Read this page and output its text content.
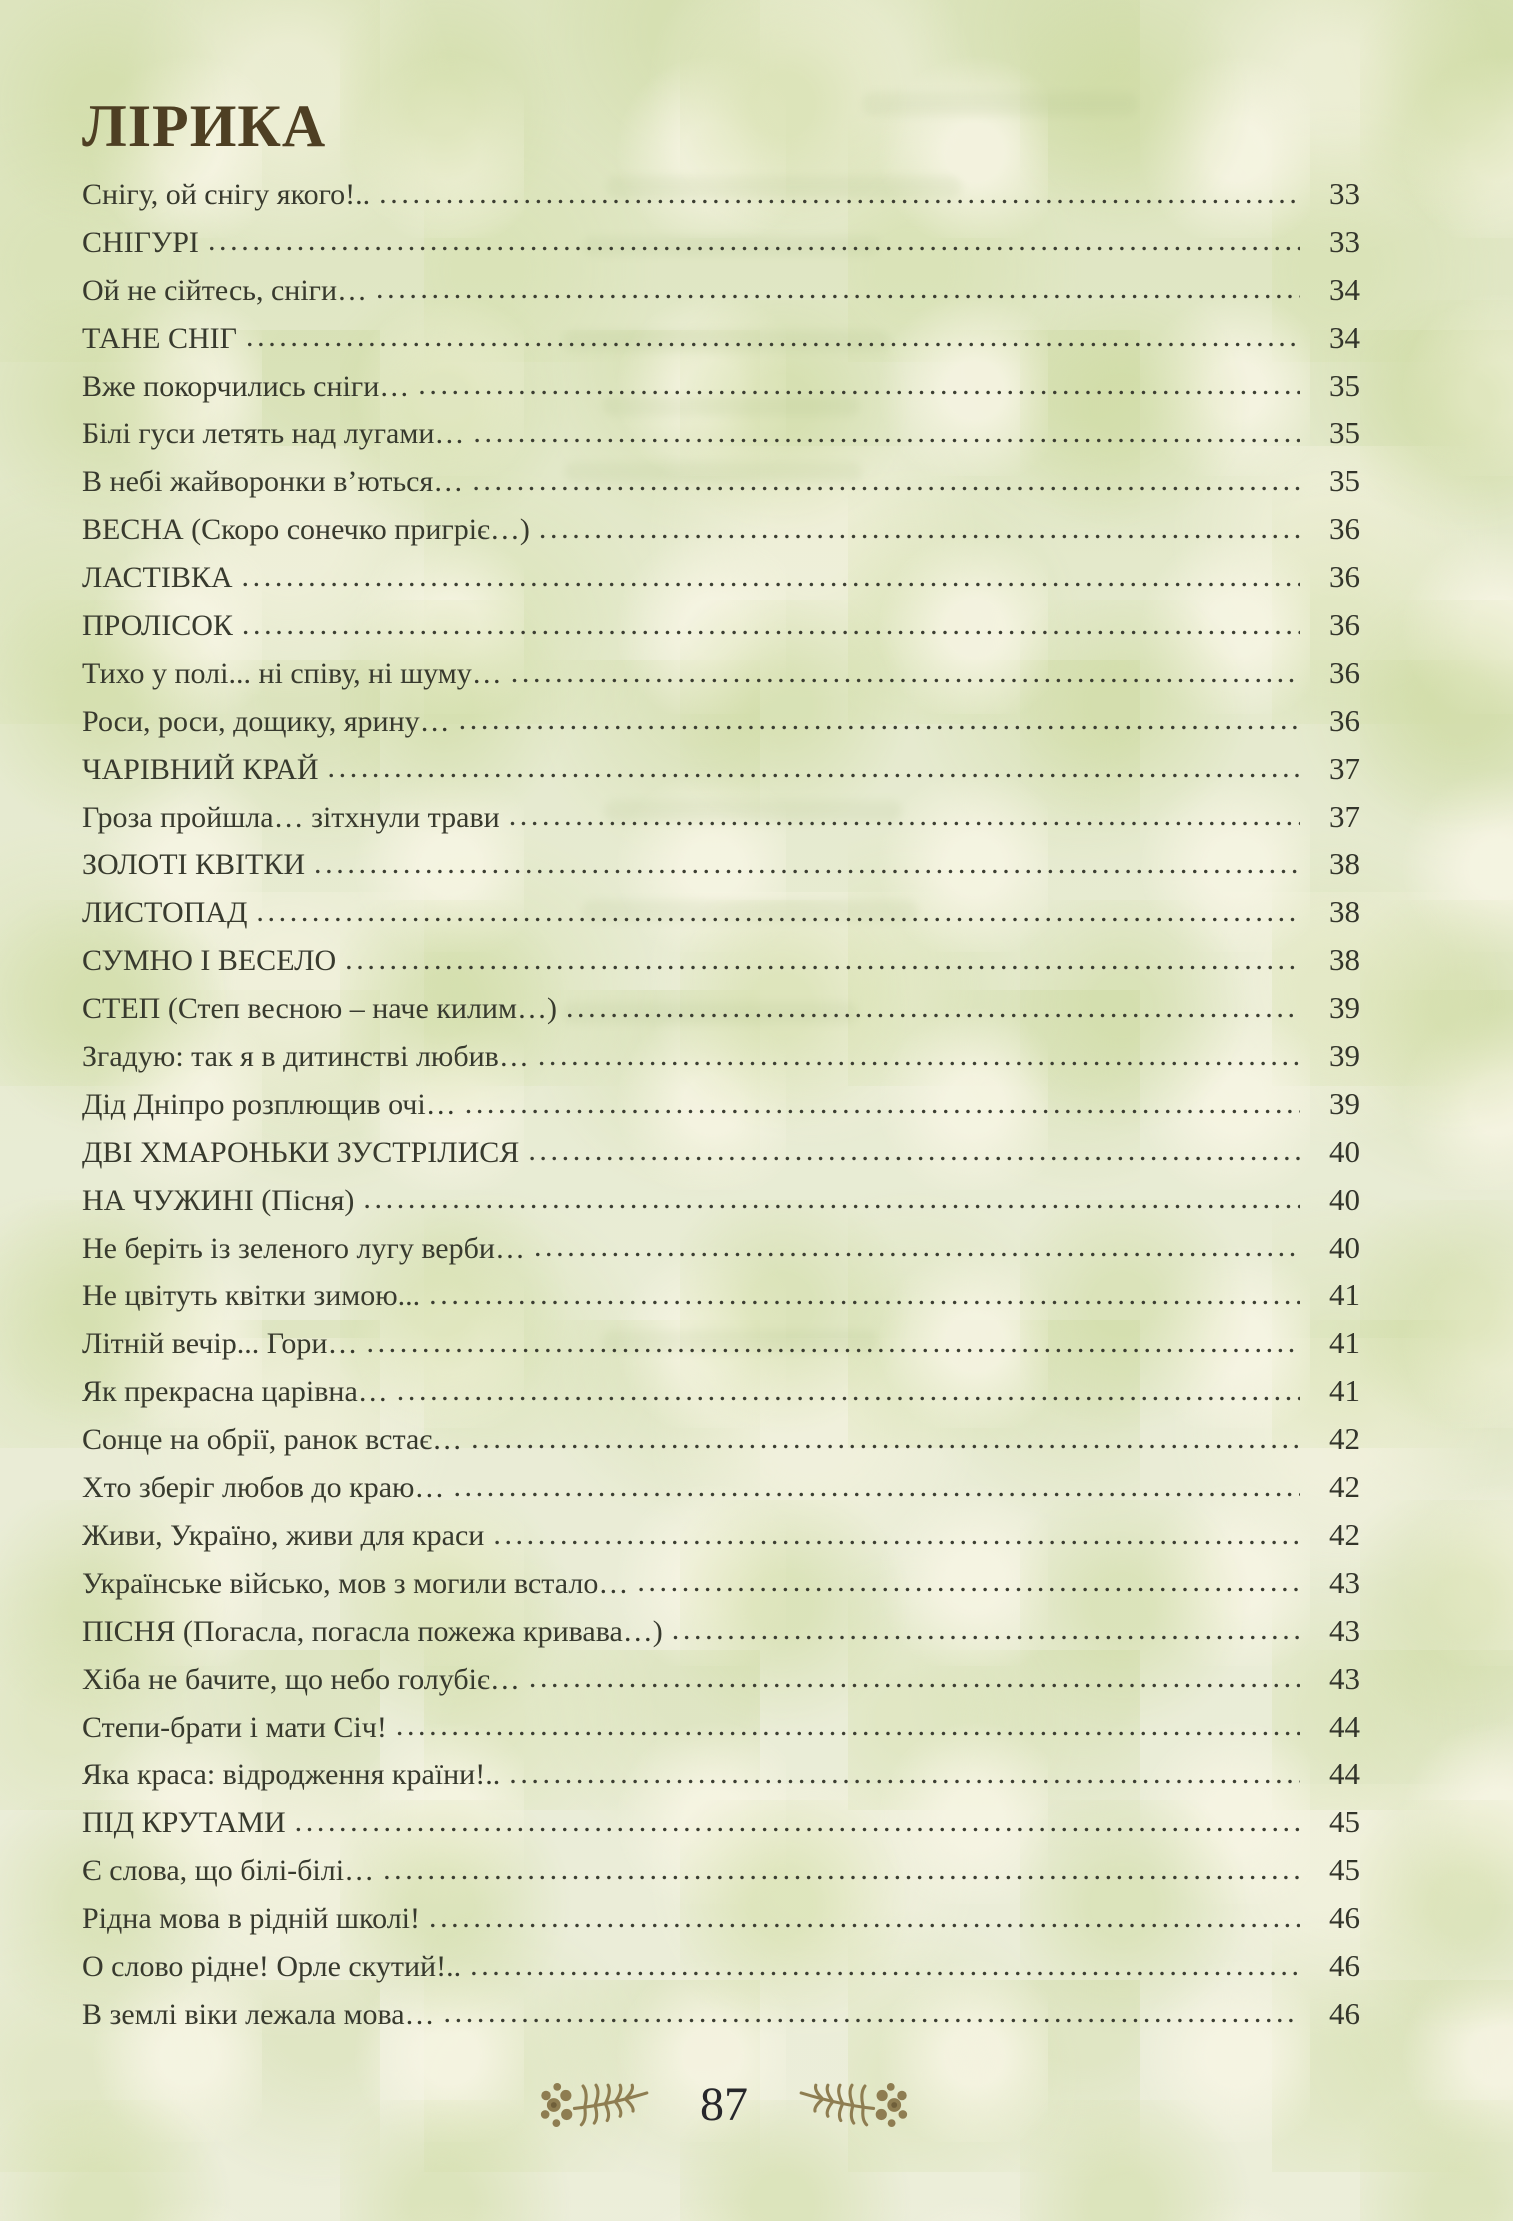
ЛІРИКА
Снігу, ой снігу якого!.. .....	33
СНІГУРІ .....	33
Ой не сійтесь, сніги… .....	34
ТАНЕ СНІГ .....	34
Вже покорчились сніги… .....	35
Білі гуси летять над лугами… .....	35
В небі жайворонки в’ються… .....	35
ВЕСНА (Скоро сонечко пригріє…) .....	36
ЛАСТІВКА .....	36
ПРОЛІСОК .....	36
Тихо у полі... ні співу, ні шуму… .....	36
Роси, роси, дощику, ярину… .....	36
ЧАРІВНИЙ КРАЙ .....	37
Гроза пройшла… зітхнули трави .....	37
ЗОЛОТІ КВІТКИ .....	38
ЛИСТОПАД .....	38
СУМНО І ВЕСЕЛО .....	38
СТЕП (Степ весною – наче килим…) .....	39
Згадую: так я в дитинстві любив… .....	39
Дід Дніпро розплющив очі… .....	39
ДВІ ХМАРОНЬКИ ЗУСТРІЛИСЯ .....	40
НА ЧУЖИНІ (Пісня) .....	40
Не беріть із зеленого лугу верби… .....	40
Не цвітуть квітки зимою... .....	41
Літній вечір... Гори… .....	41
Як прекрасна царівна… .....	41
Сонце на обрії, ранок встає… .....	42
Хто зберіг любов до краю… .....	42
Живи, Україно, живи для краси .....	42
Українське військо, мов з могили встало… .....	43
ПІСНЯ (Погасла, погасла пожежа кривава…) .....	43
Хіба не бачите, що небо голубіє… .....	43
Степи-брати і мати Січ! .....	44
Яка краса: відродження країни!.. .....	44
ПІД КРУТАМИ .....	45
Є слова, що білі-білі… .....	45
Рідна мова в рідній школі! .....	46
О слово рідне! Орле скутий!.. .....	46
В землі віки лежала мова… .....	46
87
